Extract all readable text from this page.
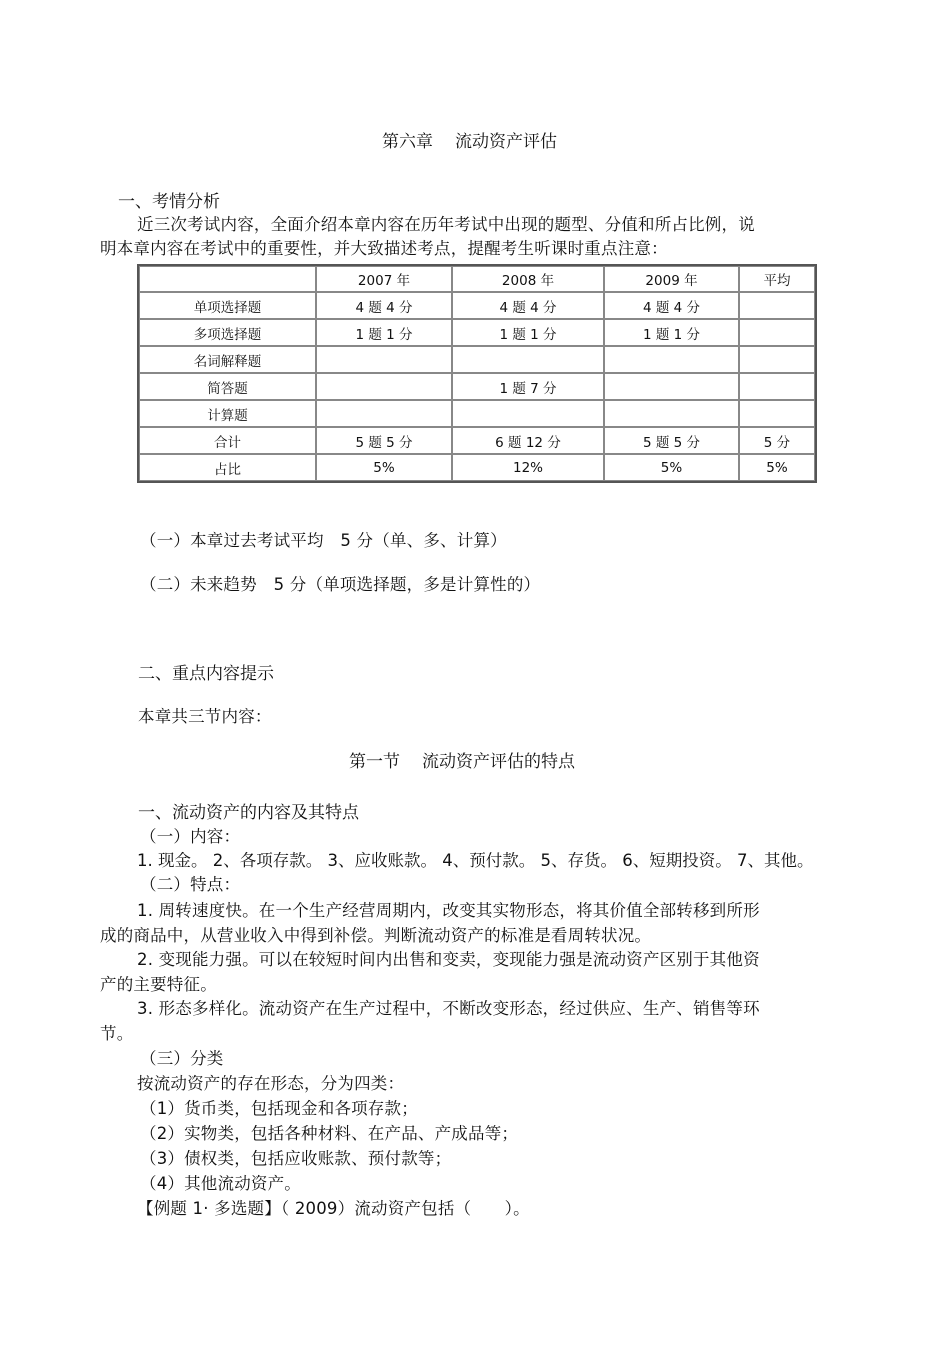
第六章 流动资产评估
一、考情分析
近三次考试内容，全面介绍本章内容在历年考试中出现的题型、分值和所占比例，说
明本章内容在考试中的重要性，并大致描述考点，提醒考生听课时重点注意：
	2007 年	2008 年	2009 年	平均
单项选择题	4 题 4 分	4 题 4 分	4 题 4 分	
多项选择题	1 题 1 分	1 题 1 分	1 题 1 分	
名词解释题				
简答题		1 题 7 分		
计算题				
合计	5 题 5 分	6 题 12 分	5 题 5 分	5 分
占比	5%	12%	5%	5%
（一）本章过去考试平均　5 分（单、多、计算）
（二）未来趋势　5 分（单项选择题，多是计算性的）
二、重点内容提示
本章共三节内容：
第一节 流动资产评估的特点
一、流动资产的内容及其特点
（一）内容：
1. 现金。 2、各项存款。 3、应收账款。 4、预付款。 5、存货。 6、短期投资。 7、其他。
（二）特点：
1. 周转速度快。在一个生产经营周期内，改变其实物形态，将其价值全部转移到所形
成的商品中，从营业收入中得到补偿。判断流动资产的标准是看周转状况。
2. 变现能力强。可以在较短时间内出售和变卖，变现能力强是流动资产区别于其他资
产的主要特征。
3. 形态多样化。流动资产在生产过程中，不断改变形态，经过供应、生产、销售等环
节。
（三）分类
按流动资产的存在形态，分为四类：
（1）货币类，包括现金和各项存款；
（2）实物类，包括各种材料、在产品、产成品等；
（3）债权类，包括应收账款、预付款等；
（4）其他流动资产。
【例题 1· 多选题】（ 2009）流动资产包括（　　）。
